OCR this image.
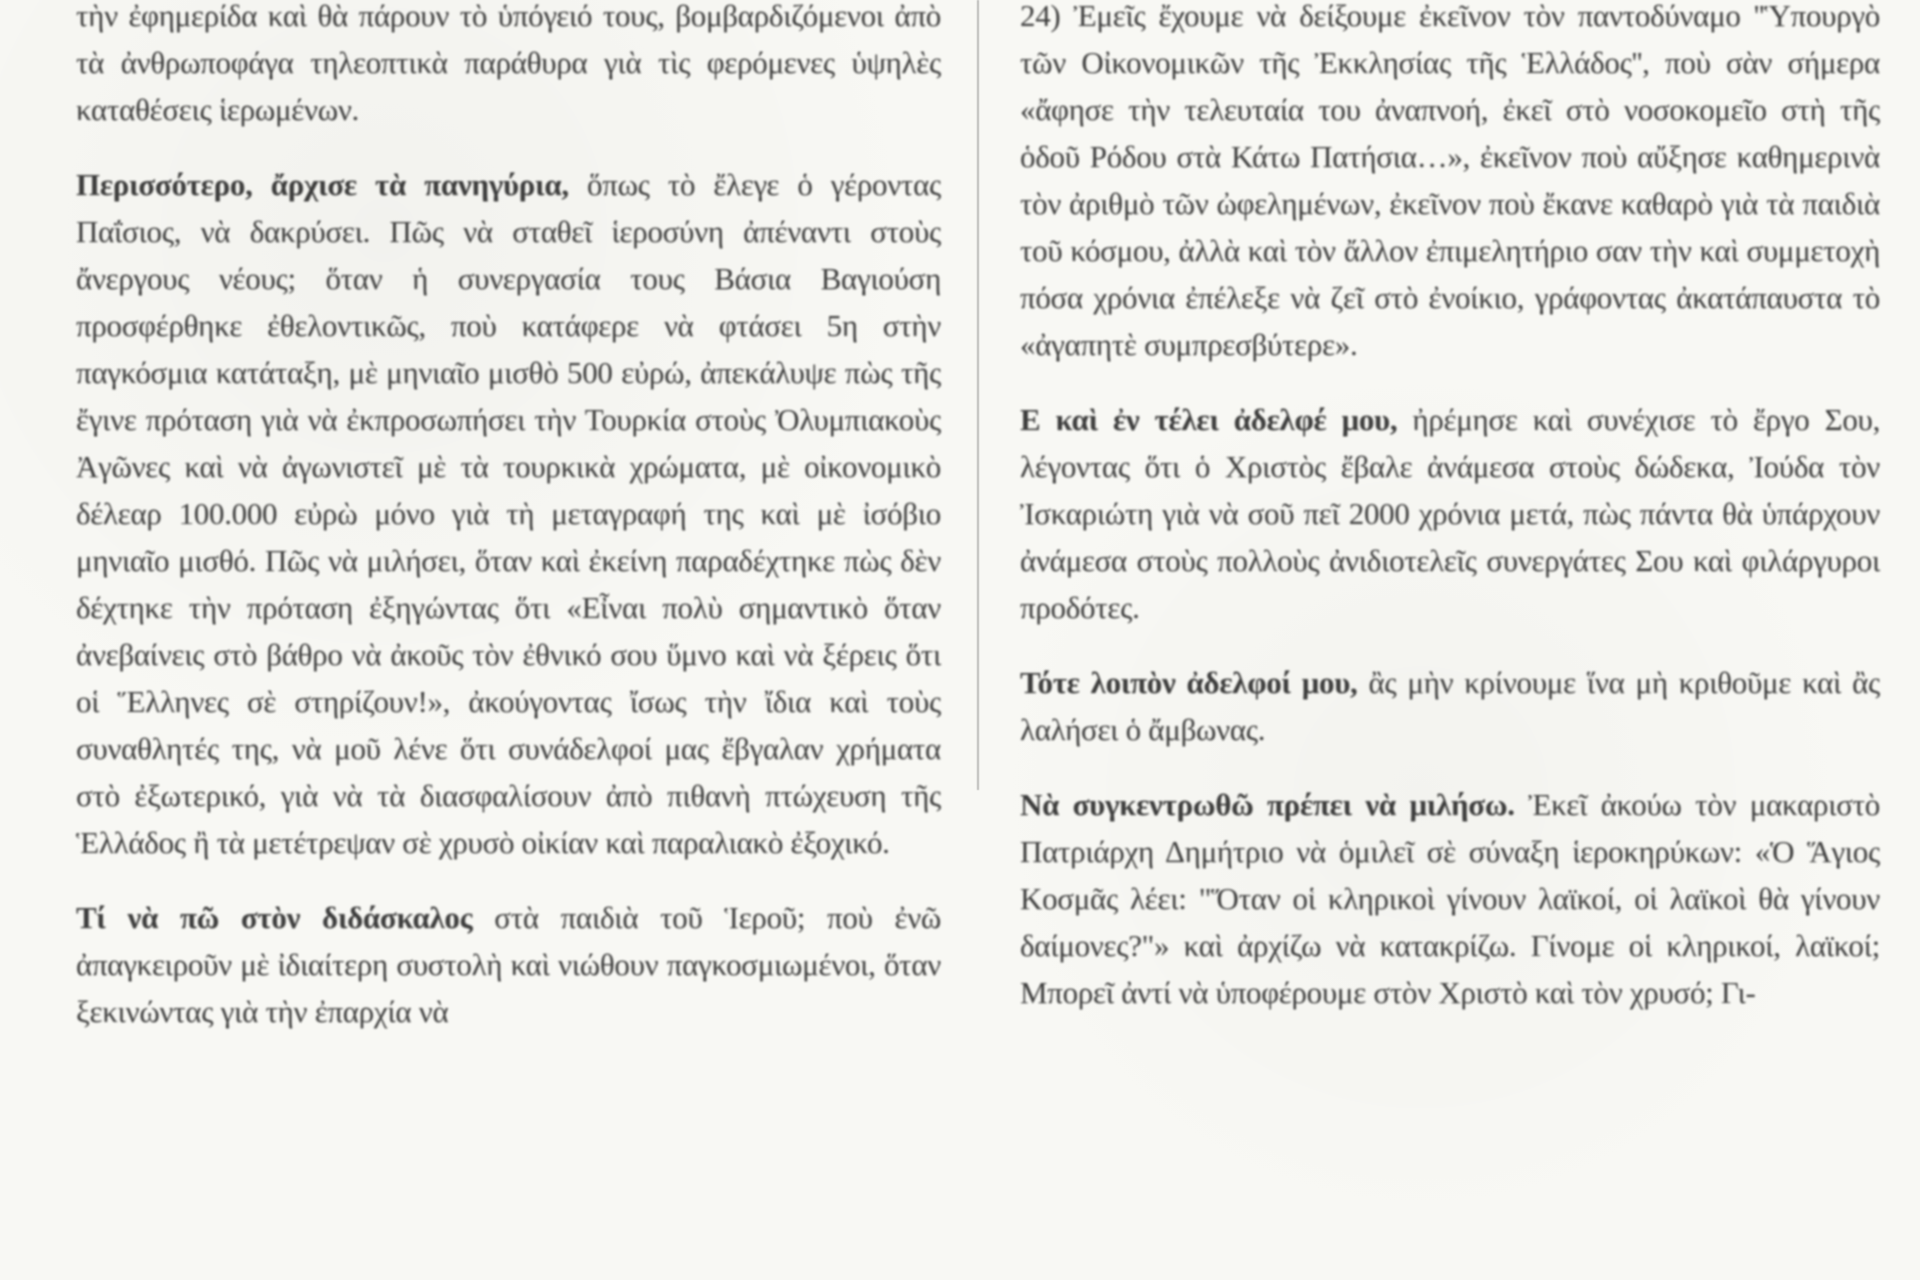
τὴν ἐφημερίδα καὶ θὰ πάρουν τὸ ὑπόγειό τους, βομβαρδιζόμενοι ἀπὸ τὰ ἀνθρωποφάγα τηλεοπτικὰ παράθυρα γιὰ τὶς φερόμενες ὑψηλὲς καταθέσεις ἱερωμένων.

Περισσότερο, ἄρχισε τὰ πανηγύρια, ὅπως τὸ ἔλεγε ὁ γέροντας Παΐσιος, νὰ δακρύσει. Πῶς νὰ σταθεῖ ἱεροσύνη ἀπέναντι στοὺς ἄνεργους νέους; ὅταν ἡ συνεργασία τους Βάσια Βαγιούση προσφέρθηκε ἐθελοντικῶς, ποὺ κατάφερε νὰ φτάσει 5η στὴν παγκόσμια κατάταξη, μὲ μηνιαῖο μισθὸ 500 εὐρώ, ἀπεκάλυψε πὼς τῆς ἔγινε πρόταση γιὰ νὰ ἐκπροσωπήσει τὴν Τουρκία στοὺς Ὀλυμπιακοὺς Ἀγῶνες καὶ νὰ ἀγωνιστεῖ μὲ τὰ τουρκικὰ χρώματα, μὲ οἰκονομικὸ δέλεαρ 100.000 εὐρὼ μόνο γιὰ τὴ μεταγραφή της καὶ μὲ ἰσόβιο μηνιαῖο μισθό. Πῶς νὰ μιλήσει, ὅταν καὶ ἐκείνη παραδέχτηκε πὼς δὲν δέχτηκε τὴν πρόταση ἐξηγώντας ὅτι «Εἶναι πολὺ σημαντικὸ ὅταν ἀνεβαίνεις στὸ βάθρο νὰ ἀκοῦς τὸν ἐθνικό σου ὕμνο καὶ νὰ ξέρεις ὅτι οἱ Ἕλληνες σὲ στηρίζουν!», ἀκούγοντας ἴσως τὴν ἴδια καὶ τοὺς συναθλητές της, νὰ μοῦ λένε ὅτι συνάδελφοί μας ἔβγαλαν χρήματα στὸ ἐξωτερικό, γιὰ νὰ τὰ διασφαλίσουν ἀπὸ πιθανὴ πτώχευση τῆς Ἑλλάδος ἢ τὰ μετέτρεψαν σὲ χρυσὸ οἰκίαν καὶ παραλιακὸ ἐξοχικό.

Τί νὰ πῶ στὸν διδάσκαλος στὰ παιδιὰ τοῦ Ἱεροῦ; ποὺ ἐνῶ ἀπαγκειροῦν μὲ ἰδιαίτερη συστολὴ καὶ νιώθουν παγκοσμιωμένοι, ὅταν ξεκινώντας γιὰ τὴν ἐπαρχία νὰ

24) Ἐμεῖς ἔχουμε νὰ δείξουμε ἐκεῖνον τὸν παντοδύναμο ''Ὑπουργὸ τῶν Οἰκονομικῶν τῆς Ἐκκλησίας τῆς Ἑλλάδος'', ποὺ σὰν σήμερα «ἄφησε τὴν τελευταία του ἀναπνοή, ἐκεῖ στὸ νοσοκομεῖο στὴ τῆς ὁδοῦ Ρόδου στὰ Κάτω Πατήσια…», ἐκεῖνον ποὺ αὔξησε καθημερινὰ τὸν ἀριθμὸ τῶν ὠφελημένων, ἐκεῖνον ποὺ ἔκανε καθαρὸ γιὰ τὰ παιδιὰ τοῦ κόσμου, ἀλλὰ καὶ τὸν ἄλλον ἐπιμελητήριο σαν τὴν καὶ συμμετοχὴ πόσα χρόνια ἐπέλεξε νὰ ζεῖ στὸ ἐνοίκιο, γράφοντας ἀκατάπαυστα τὸ «ἀγαπητὲ συμπρεσβύτερε».

Ε καὶ ἐν τέλει ἀδελφέ μου, ἠρέμησε καὶ συνέχισε τὸ ἔργο Σου, λέγοντας ὅτι ὁ Χριστὸς ἔβαλε ἀνάμεσα στοὺς δώδεκα, Ἰούδα τὸν Ἰσκαριώτη γιὰ νὰ σοῦ πεῖ 2000 χρόνια μετά, πὼς πάντα θὰ ὑπάρχουν ἀνάμεσα στοὺς πολλοὺς ἀνιδιοτελεῖς συνεργάτες Σου καὶ φιλάργυροι προδότες.

Τότε λοιπὸν ἀδελφοί μου, ἂς μὴν κρίνουμε ἵνα μὴ κριθοῦμε καὶ ἂς λαλήσει ὁ ἄμβωνας.

Νὰ συγκεντρωθῶ πρέπει νὰ μιλήσω. Ἐκεῖ ἀκούω τὸν μακαριστὸ Πατριάρχη Δημήτριο νὰ ὁμιλεῖ σὲ σύναξη ἱεροκηρύκων: «Ὁ Ἅγιος Κοσμᾶς λέει: "Ὅταν οἱ κληρικοὶ γίνουν λαϊκοί, οἱ λαϊκοὶ θὰ γίνουν δαίμονες?"» καὶ ἀρχίζω νὰ κατακρίζω. Γίνομε οἱ κληρικοί, λαϊκοί; Μπορεῖ ἀντί νὰ ὑποφέρουμε στὸν Χριστὸ καὶ τὸν χρυσό; Γι-
